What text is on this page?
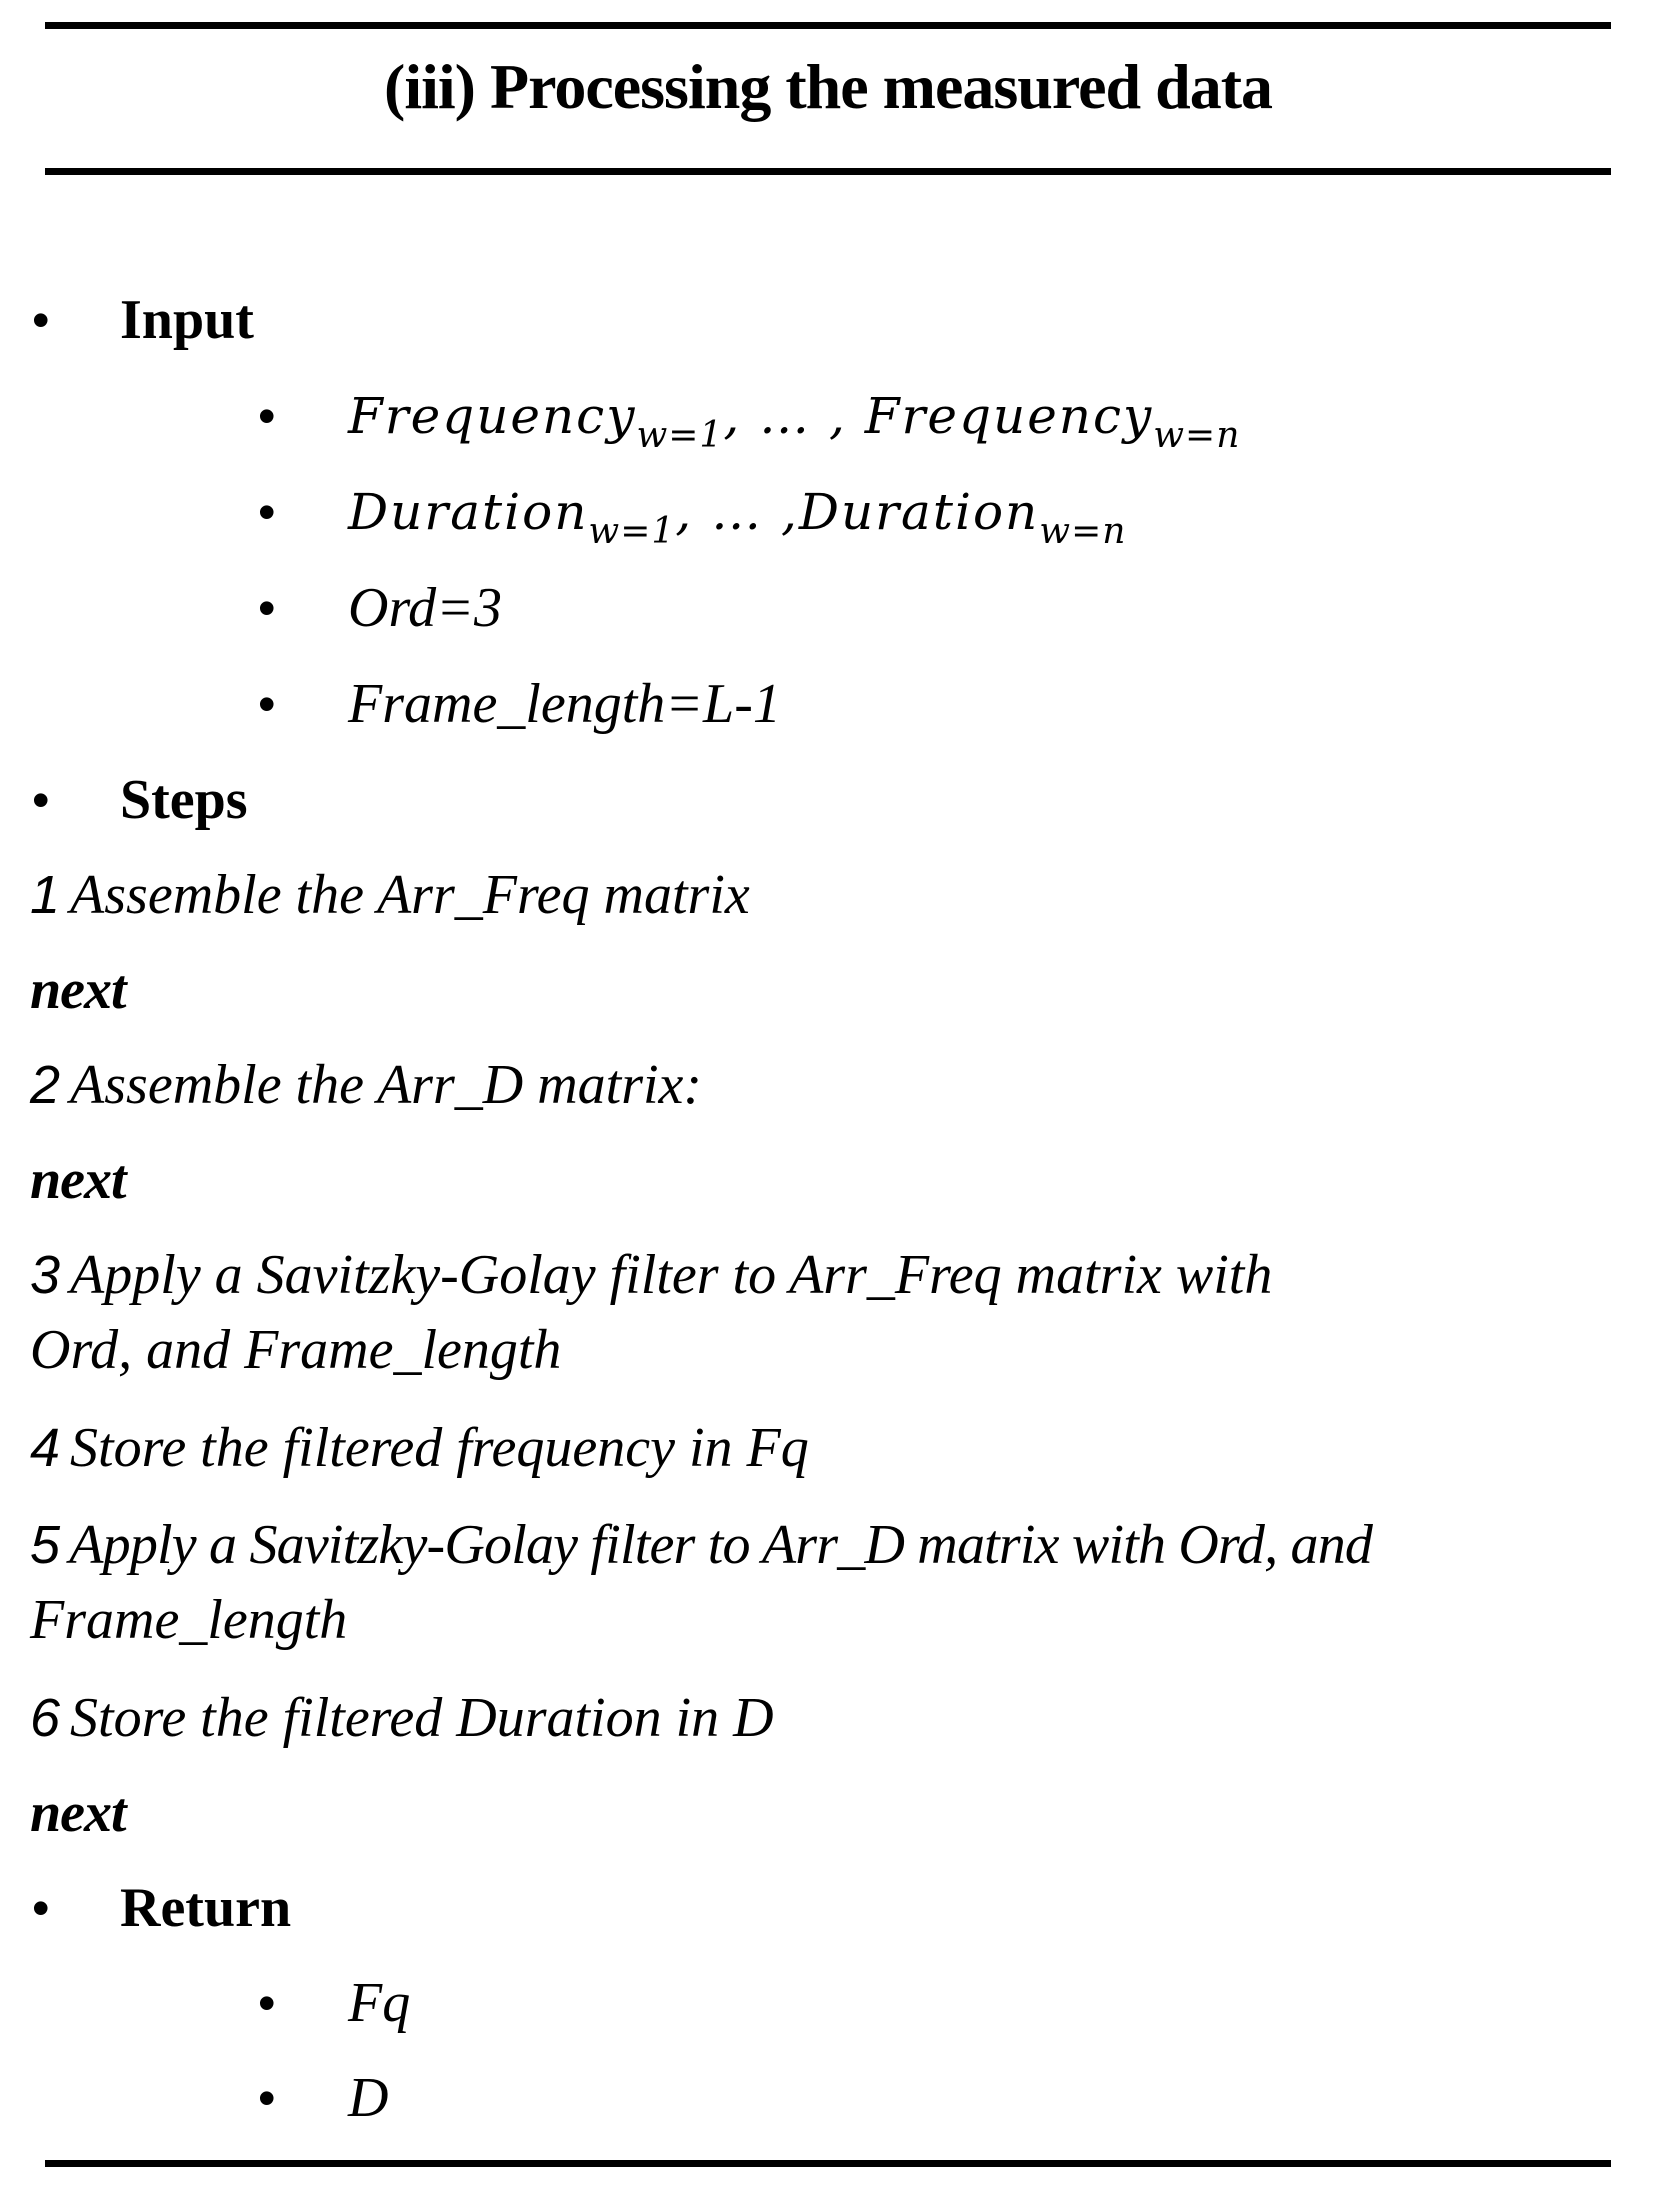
(iii) Processing the measured data
• Input
• Frequency$_{w=1}$, … , Frequency$_{w=n}$
• Duration$_{w=1}$, … ,Duration$_{w=n}$
• Ord=3
• Frame_length=L-1
• Steps
1 Assemble the Arr_Freq matrix
next
2 Assemble the Arr_D matrix:
next
3 Apply a Savitzky-Golay filter to Arr_Freq matrix with
Ord, and Frame_length
4 Store the filtered frequency in Fq
5 Apply a Savitzky-Golay filter to Arr_D matrix with Ord, and
Frame_length
6 Store the filtered Duration in D
next
• Return
• Fq
• D
